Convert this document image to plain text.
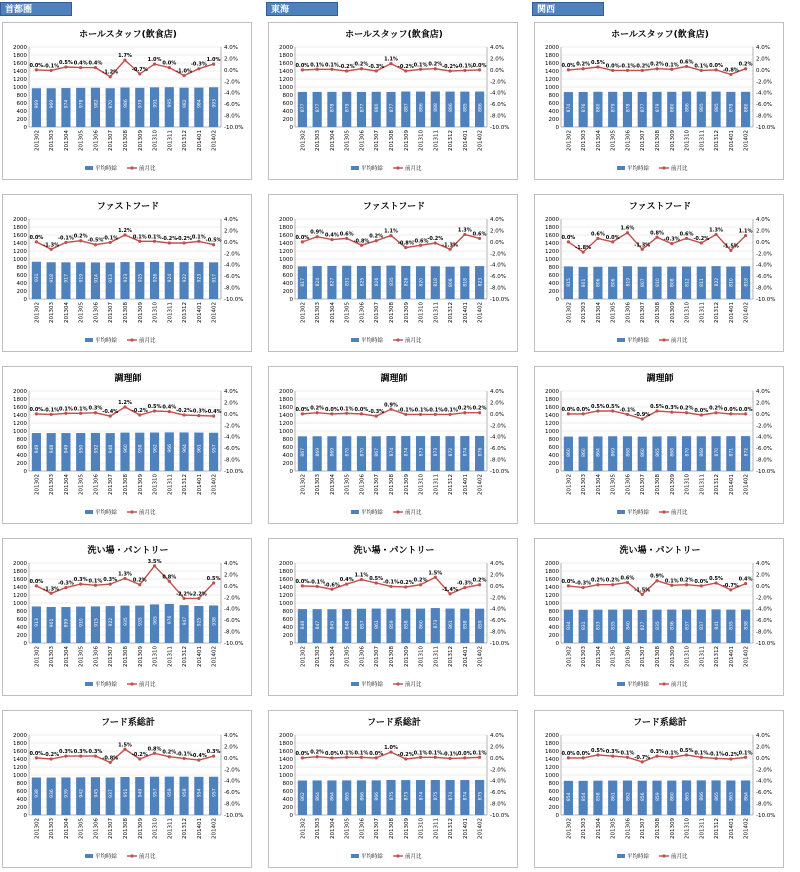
首都圏	東海	関西
ホールスタッフ(飲食店)
0
200
400
600
800
1000
1200
1400
1600
1800
2000	4.0%
2.0%
0.0%
-2.0%
-4.0%
-6.0%
-8.0%
-10.0%
969 969 974 978 982 970 986 979 991 995 982 984 993
201302 201303 201304 201305 201306 201307 201308 201309 201310 201311 201312 201401 201402
0.0% -0.1%
0.5% 0.4% 0.4%
-1.2%
1.7%
-0.7%
1.0%
0.0%
-1.0%
-0.3%
1.0%
平均時給	前月比
ホールスタッフ(飲食店)
0
200
400
600
800
1000
1200
1400
1600
1800
2000	4.0%
2.0%
0.0%
-2.0%
-4.0%
-6.0%
-8.0%
-10.0%
877 877 878 879 877 880 877 887 886 888 886 885 886
201302 201303 201304 201305 201306 201307 201308 201309 201310 201311 201312 201401 201402
0.0% 0.1% 0.1% -0.2% 0.2% -0.3%
1.1%
-0.2% 0.1% 0.2% -0.2%
-0.1% 0.0%
平均時給	前月比
ホールスタッフ(飲食店)
0
200
400
600
800
1000
1200
1400
1600
1800
2000	4.0%
2.0%
0.0%
-2.0%
-4.0%
-6.0%
-8.0%
-10.0%
874 876 880 879 878 877 879 880 886 885 885 878 880
201302 201303 201304 201305 201306 201307 201308 201309 201310 201311 201312 201401 201402
0.0% 0.2% 0.5%
0.0% -0.1%
-0.2% 0.2% 0.1% 0.6%
0.1% 0.0%
-0.8%
0.2%
平均時給	前月比
ファストフード
0
200
400
600
800
1000
1200
1400
1600
1800
2000	4.0%
2.0%
0.0%
-2.0%
-4.0%
-6.0%
-8.0%
-10.0%
931 918 917 919 914 913 923 925 926 924 922 923 917
201302 201303 201304 201305 201306 201307 201308 201309 201310 201311 201312 201401 201402
0.0%
-1.3%
-0.1% 0.2%
-0.5%
-0.1%
1.2%
0.1% 0.1% -0.2%
-0.2% 0.1%
-0.5%
平均時給	前月比
ファストフード
0
200
400
600
800
1000
1200
1400
1600
1800
2000	4.0%
2.0%
0.0%
-2.0%
-4.0%
-6.0%
-8.0%
-10.0%
817 824 827 831 825 826 835 826 820 818 808 818 823
201302 201303 201304 201305 201306 201307 201308 201309 201310 201311 201312 201401 201402
0.0%
0.9% 0.4% 0.6%
-0.8%
0.2%
1.1%
-0.8%
-0.6%
-0.2%
-1.3%
1.3%
0.6%
平均時給	前月比
ファストフード
0
200
400
600
800
1000
1200
1400
1600
1800
2000	4.0%
2.0%
0.0%
-2.0%
-4.0%
-6.0%
-8.0%
-10.0%
815 801 806 806 819 807 810 808 812 811 822 810 818
201302 201303 201304 201305 201306 201307 201308 201309 201310 201311 201312 201401 201402
0.0%
-1.8%
0.6%
0.0%
1.6%
-1.3%
0.8%
-0.3%
0.6%
-0.2%
1.3%
-1.5%
1.1%
平均時給	前月比
調理師
0
200
400
600
800
1000
1200
1400
1600
1800
2000	4.0%
2.0%
0.0%
-2.0%
-4.0%
-6.0%
-8.0%
-10.0%
949 948 949 950 952 948 960 958 962 966 964 961 957
201302 201303 201304 201305 201306 201307 201308 201309 201310 201311 201312 201401 201402
0.0% -0.1% 0.1% 0.1% 0.3%
-0.4%
1.2%
-0.2%
0.5% 0.4%
-0.2%
-0.3%
-0.4%
平均時給	前月比
調理師
0
200
400
600
800
1000
1200
1400
1600
1800
2000	4.0%
2.0%
0.0%
-2.0%
-4.0%
-6.0%
-8.0%
-10.0%
867 869 869 870 870 867 874 874 873 873 872 874 876
201302 201303 201304 201305 201306 201307 201308 201309 201310 201311 201312 201401 201402
0.0% 0.2% 0.0% 0.1% 0.0% -0.3%
0.9%
-0.1%
-0.1%
-0.1%
-0.1% 0.2% 0.2%
平均時給	前月比
調理師
0
200
400
600
800
1000
1200
1400
1600
1800
2000	4.0%
2.0%
0.0%
-2.0%
-4.0%
-6.0%
-8.0%
-10.0%
860 860 864 869 868 860 865 868 870 868 870 871 872
201302 201303 201304 201305 201306 201307 201308 201309 201310 201311 201312 201401 201402
0.0% 0.0% 0.5% 0.5%
-0.1%
-0.9%
0.5% 0.3% 0.2% 0.0% 0.2% 0.0% 0.0%
平均時給	前月比
洗い場・パントリー
0
200
400
600
800
1000
1200
1400
1600
1800
2000	4.0%
2.0%
0.0%
-2.0%
-4.0%
-6.0%
-8.0%
-10.0%
913 901 899 910 915 922 935 935 965 976 947 925 938
201302 201303 201304 201305 201306 201307 201308 201309 201310 201311 201312 201401 201402
0.0%
-1.3%
-0.3%
0.3% 0.1% 0.3%
1.3%
0.2%
3.5%
0.8%
-2.2%
-2.2%
0.5%
平均時給	前月比
洗い場・パントリー
0
200
400
600
800
1000
1200
1400
1600
1800
2000	4.0%
2.0%
0.0%
-2.0%
-4.0%
-6.0%
-8.0%
-10.0%
848 847 845 848 857 861 859 858 860 873 861 858 859
201302 201303 201304 201305 201306 201307 201308 201309 201310 201311 201312 201401 201402
0.0% -0.1%
-0.6%
0.4%
1.1%
0.5%
-0.1%
-0.2% 0.2%
1.5%
-1.4%
-0.3% 0.2%
平均時給	前月比
洗い場・パントリー
0
200
400
600
800
1000
1200
1400
1600
1800
2000	4.0%
2.0%
0.0%
-2.0%
-4.0%
-6.0%
-8.0%
-10.0%
834 831 833 835 840 827 835 836 837 837 841 835 838
201302 201303 201304 201305 201306 201307 201308 201309 201310 201311 201312 201401 201402
0.0% -0.3% 0.2% 0.2% 0.6%
-1.5%
0.9%
0.1% 0.2% 0.0% 0.5%
-0.7%
0.4%
平均時給	前月比
フード系総計
0
200
400
600
800
1000
1200
1400
1600
1800
2000	4.0%
2.0%
0.0%
-2.0%
-4.0%
-6.0%
-8.0%
-10.0%
938 936 939 942 945 937 951 949 957 959 958 954 957
201302 201303 201304 201305 201306 201307 201308 201309 201310 201311 201312 201401 201402
0.0% -0.2% 0.3% 0.3% 0.3%
-0.8%
1.5%
-0.2%
0.8%
0.2% -0.1%
-0.4%
0.3%
平均時給	前月比
フード系総計
0
200
400
600
800
1000
1200
1400
1600
1800
2000	4.0%
2.0%
0.0%
-2.0%
-4.0%
-6.0%
-8.0%
-10.0%
862 864 864 865 866 866 875 873 874 875 874 874 875
201302 201303 201304 201305 201306 201307 201308 201309 201310 201311 201312 201401 201402
0.0% 0.2% 0.0% 0.1% 0.1% 0.0%
1.0%
-0.2% 0.1% 0.1% -0.1% 0.0% 0.1%
平均時給	前月比
フード系総計
0
200
400
600
800
1000
1200
1400
1600
1800
2000	4.0%
2.0%
0.0%
-2.0%
-4.0%
-6.0%
-8.0%
-10.0%
854 854 858 861 862 856 859 860 865 866 865 863 864
201302 201303 201304 201305 201306 201307 201308 201309 201310 201311 201312 201401 201402
0.0% 0.0% 0.5% 0.3% 0.1%
-0.7%
0.3% 0.1% 0.5% 0.1% -0.1%
-0.2% 0.1%
平均時給	前月比
